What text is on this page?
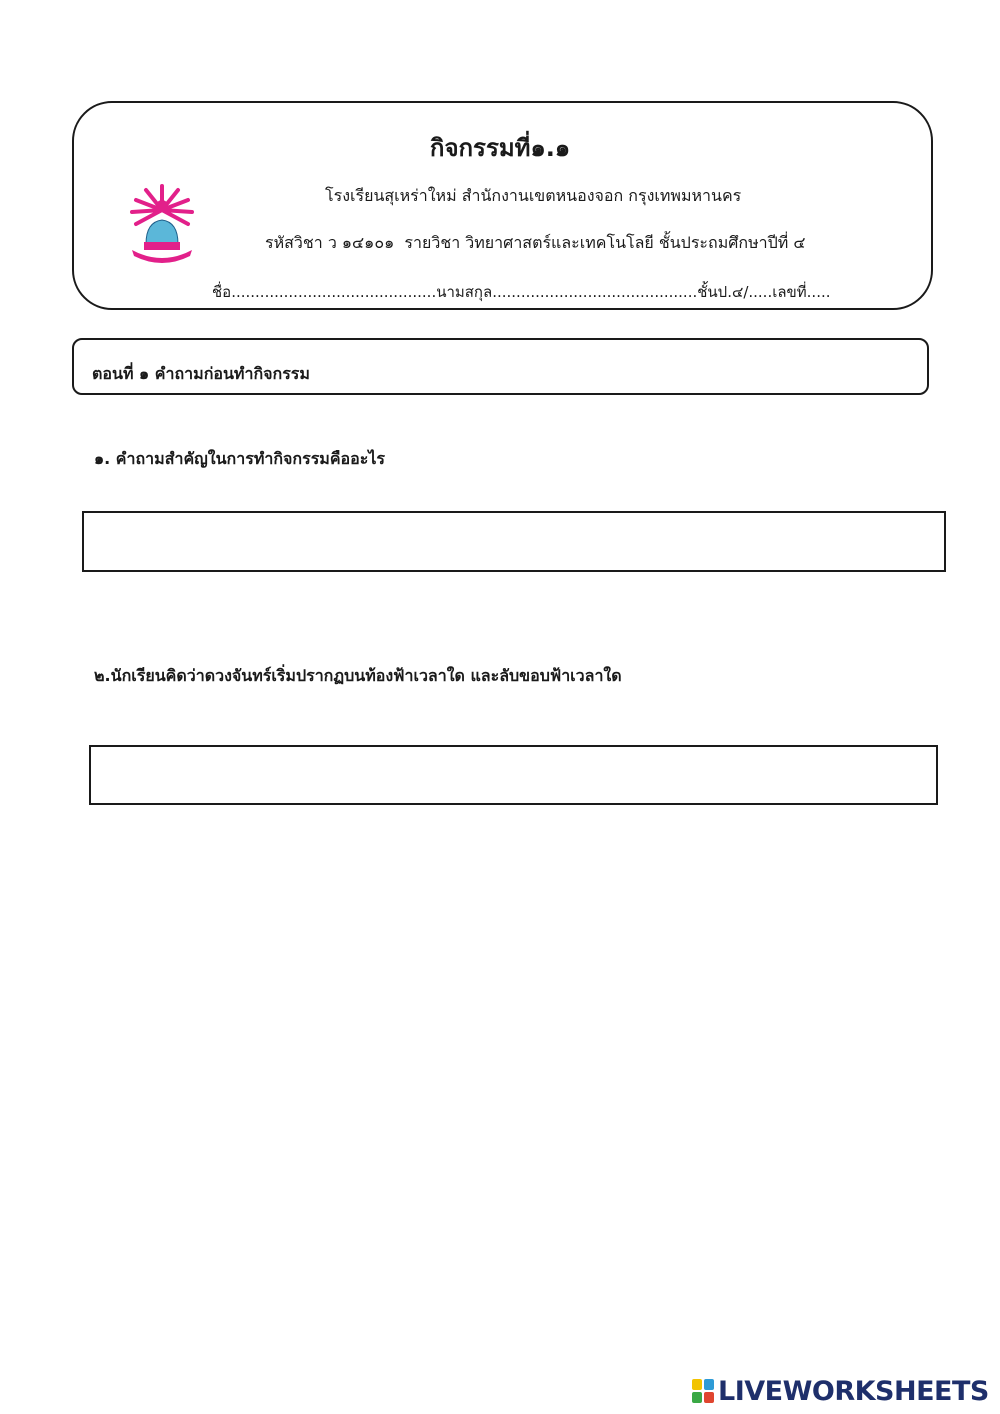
กิจกรรมที่๑.๑
โรงเรียนสุเหร่าใหม่ สำนักงานเขตหนองจอก กรุงเทพมหานคร
รหัสวิชา ว ๑๔๑๐๑  รายวิชา วิทยาศาสตร์และเทคโนโลยี ชั้นประถมศึกษาปีที่ ๔
ชื่อ...........................................นามสกุล...........................................ชั้นป.๔/.....เลขที่.....
ตอนที่ ๑ คำถามก่อนทำกิจกรรม
๑. คำถามสำคัญในการทำกิจกรรมคืออะไร
๒.นักเรียนคิดว่าดวงจันทร์เริ่มปรากฏบนท้องฟ้าเวลาใด และลับขอบฟ้าเวลาใด
LIVEWORKSHEETS
